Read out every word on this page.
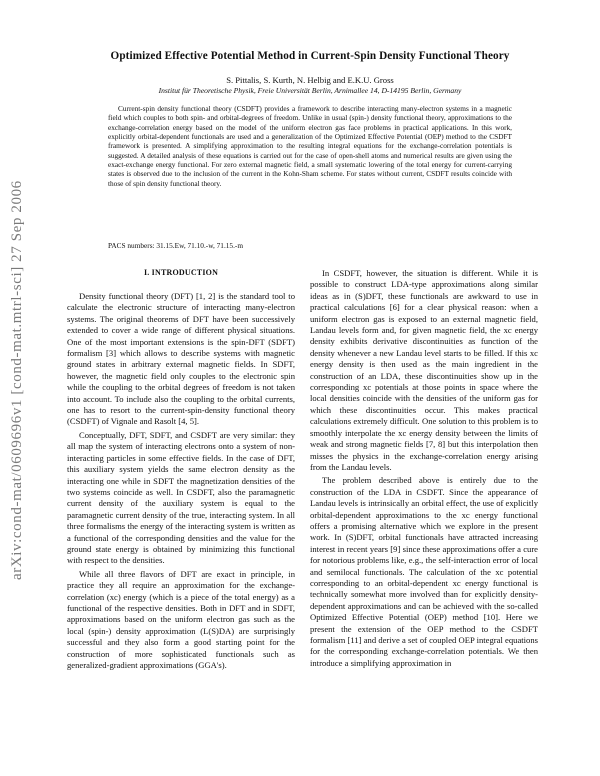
arXiv:cond-mat/0609696v1 [cond-mat.mtrl-sci] 27 Sep 2006
Optimized Effective Potential Method in Current-Spin Density Functional Theory
S. Pittalis, S. Kurth, N. Helbig and E.K.U. Gross
Institut für Theoretische Physik, Freie Universität Berlin, Arnimallee 14, D-14195 Berlin, Germany

Current-spin density functional theory (CSDFT) provides a framework to describe interacting many-electron systems in a magnetic field which couples to both spin- and orbital-degrees of freedom. Unlike in usual (spin-) density functional theory, approximations to the exchange-correlation energy based on the model of the uniform electron gas face problems in practical applications. In this work, explicitly orbital-dependent functionals are used and a generalization of the Optimized Effective Potential (OEP) method to the CSDFT framework is presented. A simplifying approximation to the resulting integral equations for the exchange-correlation potentials is suggested. A detailed analysis of these equations is carried out for the case of open-shell atoms and numerical results are given using the exact-exchange energy functional. For zero external magnetic field, a small systematic lowering of the total energy for current-carrying states is observed due to the inclusion of the current in the Kohn-Sham scheme. For states without current, CSDFT results coincide with those of spin density functional theory.

PACS numbers: 31.15.Ew, 71.10.-w, 71.15.-m

I. INTRODUCTION

Density functional theory (DFT) [1, 2] is the standard tool to calculate the electronic structure of interacting many-electron systems. The original theorems of DFT have been successively extended to cover a wide range of different physical situations. One of the most important extensions is the spin-DFT (SDFT) formalism [3] which allows to describe systems with magnetic ground states in arbitrary external magnetic fields. In SDFT, however, the magnetic field only couples to the electronic spin while the coupling to the orbital degrees of freedom is not taken into account. To include also the coupling to the orbital currents, one has to resort to the current-spin-density functional theory (CSDFT) of Vignale and Rasolt [4, 5].

Conceptually, DFT, SDFT, and CSDFT are very similar: they all map the system of interacting electrons onto a system of non-interacting particles in some effective fields. In the case of DFT, this auxiliary system yields the same electron density as the interacting one while in SDFT the magnetization densities of the two systems coincide as well. In CSDFT, also the paramagnetic current density of the auxiliary system is equal to the paramagnetic current density of the true, interacting system. In all three formalisms the energy of the interacting system is written as a functional of the corresponding densities and the value for the ground state energy is obtained by minimizing this functional with respect to the densities.

While all three flavors of DFT are exact in principle, in practice they all require an approximation for the exchange-correlation (xc) energy (which is a piece of the total energy) as a functional of the respective densities. Both in DFT and in SDFT, approximations based on the uniform electron gas such as the local (spin-) density approximation (L(S)DA) are surprisingly successful and they also form a good starting point for the construction of more sophisticated functionals such as generalized-gradient approximations (GGA's).

In CSDFT, however, the situation is different. While it is possible to construct LDA-type approximations along similar ideas as in (S)DFT, these functionals are awkward to use in practical calculations [6] for a clear physical reason: when a uniform electron gas is exposed to an external magnetic field, Landau levels form and, for given magnetic field, the xc energy density exhibits derivative discontinuities as function of the density whenever a new Landau level starts to be filled. If this xc energy density is then used as the main ingredient in the construction of an LDA, these discontinuities show up in the corresponding xc potentials at those points in space where the local densities coincide with the densities of the uniform gas for which these discontinuities occur. This makes practical calculations extremely difficult. One solution to this problem is to smoothly interpolate the xc energy density between the limits of weak and strong magnetic fields [7, 8] but this interpolation then misses the physics in the exchange-correlation energy arising from the Landau levels.

The problem described above is entirely due to the construction of the LDA in CSDFT. Since the appearance of Landau levels is intrinsically an orbital effect, the use of explicitly orbital-dependent approximations to the xc energy functional offers a promising alternative which we explore in the present work. In (S)DFT, orbital functionals have attracted increasing interest in recent years [9] since these approximations offer a cure for notorious problems like, e.g., the self-interaction error of local and semilocal functionals. The calculation of the xc potential corresponding to an orbital-dependent xc energy functional is technically somewhat more involved than for explicitly density-dependent approximations and can be achieved with the so-called Optimized Effective Potential (OEP) method [10]. Here we present the extension of the OEP method to the CSDFT formalism [11] and derive a set of coupled OEP integral equations for the corresponding exchange-correlation potentials. We then introduce a simplifying approximation in
